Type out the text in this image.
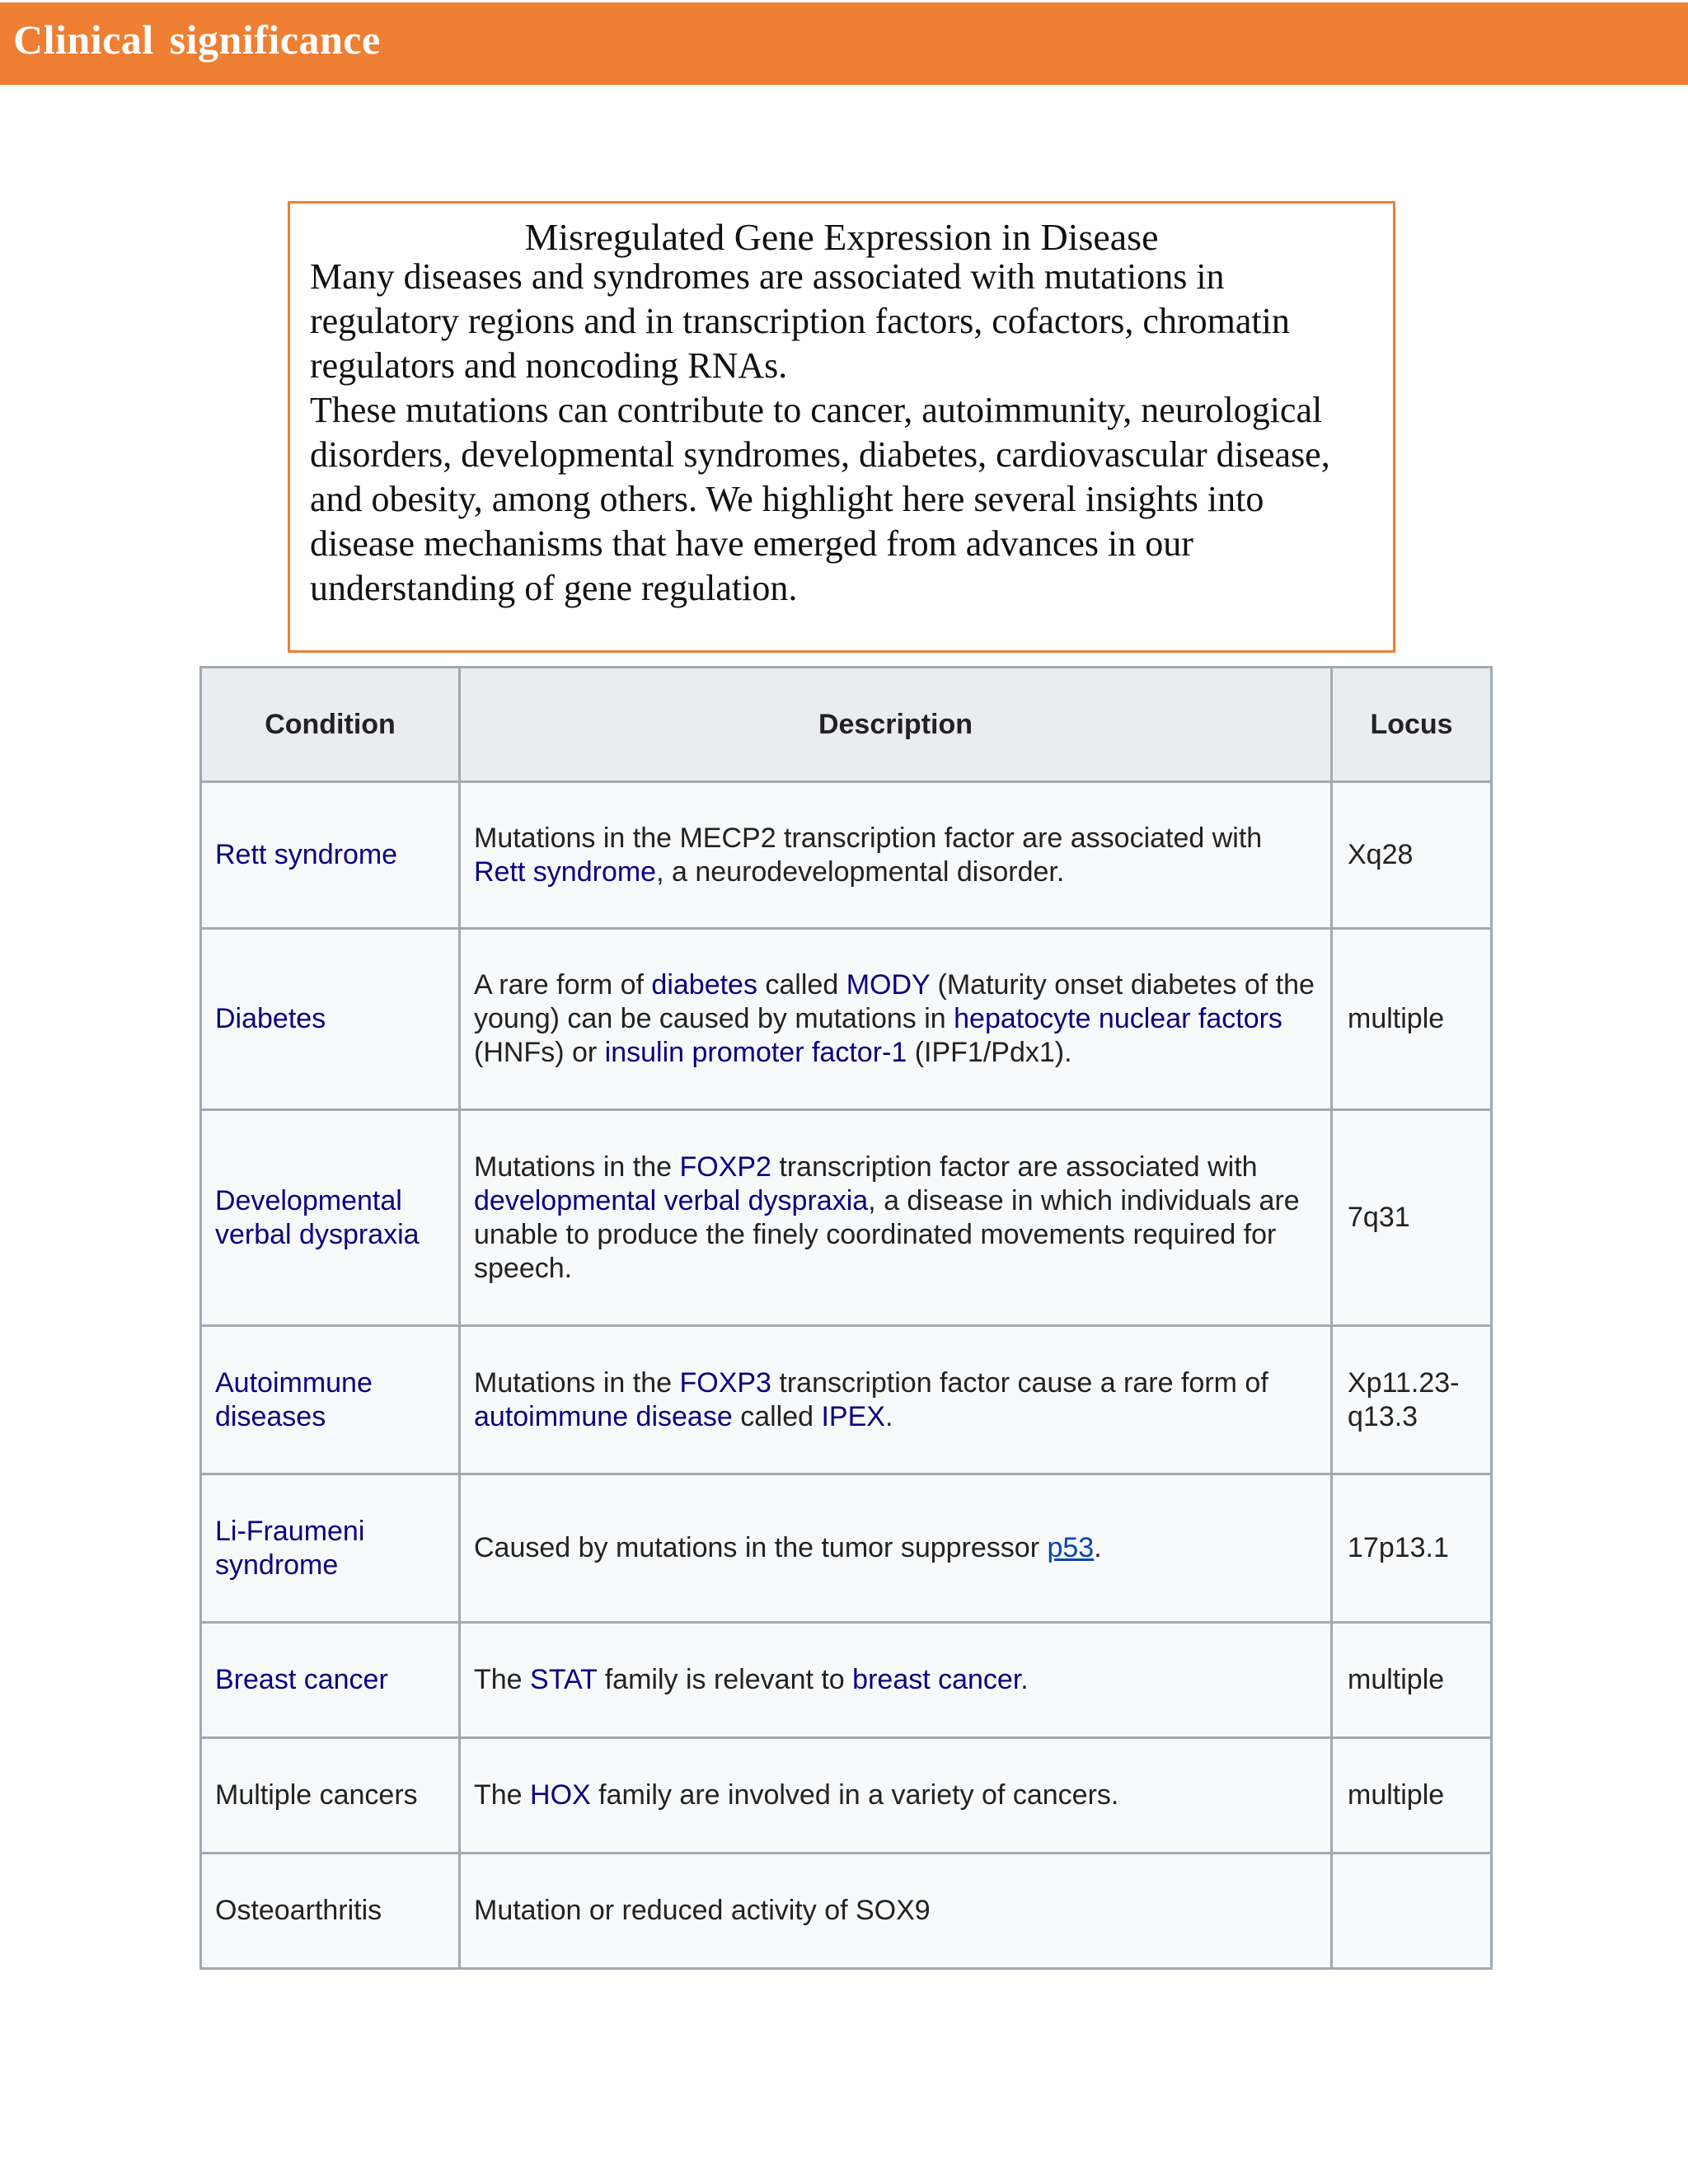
Clinical significance
Misregulated Gene Expression in Disease

Many diseases and syndromes are associated with mutations in regulatory regions and in transcription factors, cofactors, chromatin regulators and noncoding RNAs.

These mutations can contribute to cancer, autoimmunity, neurological disorders, developmental syndromes, diabetes, cardiovascular disease, and obesity, among others. We highlight here several insights into disease mechanisms that have emerged from advances in our understanding of gene regulation.

Condition	Description	Locus
Rett syndrome	Mutations in the MECP2 transcription factor are associated with Rett syndrome, a neurodevelopmental disorder.	Xq28
Diabetes	A rare form of diabetes called MODY (Maturity onset diabetes of the young) can be caused by mutations in hepatocyte nuclear factors (HNFs) or insulin promoter factor-1 (IPF1/Pdx1).	multiple
Developmental verbal dyspraxia	Mutations in the FOXP2 transcription factor are associated with developmental verbal dyspraxia, a disease in which individuals are unable to produce the finely coordinated movements required for speech.	7q31
Autoimmune diseases	Mutations in the FOXP3 transcription factor cause a rare form of autoimmune disease called IPEX.	Xp11.23-q13.3
Li-Fraumeni syndrome	Caused by mutations in the tumor suppressor p53.	17p13.1
Breast cancer	The STAT family is relevant to breast cancer.	multiple
Multiple cancers	The HOX family are involved in a variety of cancers.	multiple
Osteoarthritis	Mutation or reduced activity of SOX9	
